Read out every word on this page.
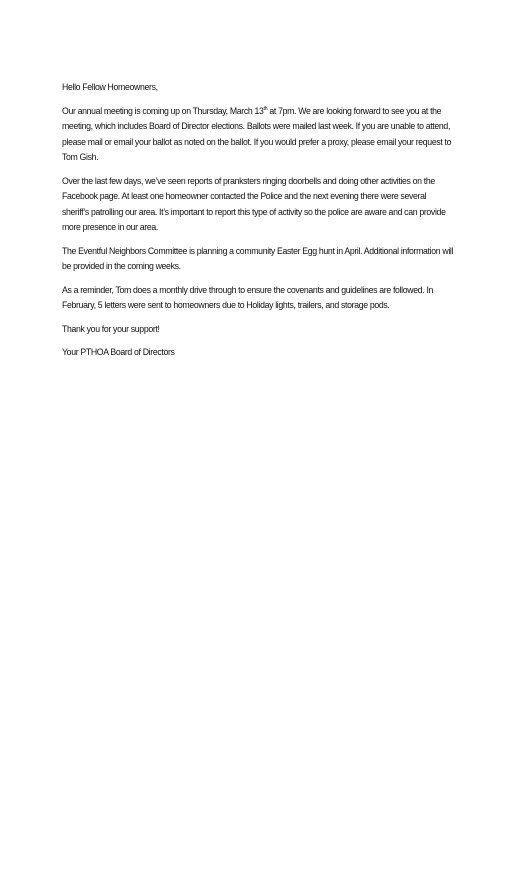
Hello Fellow Homeowners,

Our annual meeting is coming up on Thursday, March 13th at 7pm. We are looking forward to see you at the meeting, which includes Board of Director elections. Ballots were mailed last week. If you are unable to attend, please mail or email your ballot as noted on the ballot. If you would prefer a proxy, please email your request to Tom Gish.

Over the last few days, we’ve seen reports of pranksters ringing doorbells and doing other activities on the Facebook page. At least one homeowner contacted the Police and the next evening there were several sheriff’s patrolling our area. It’s important to report this type of activity so the police are aware and can provide more presence in our area.

The Eventful Neighbors Committee is planning a community Easter Egg hunt in April. Additional information will be provided in the coming weeks.

As a reminder, Tom does a monthly drive through to ensure the covenants and guidelines are followed. In February, 5 letters were sent to homeowners due to Holiday lights, trailers, and storage pods.

Thank you for your support!

Your PTHOA Board of Directors
